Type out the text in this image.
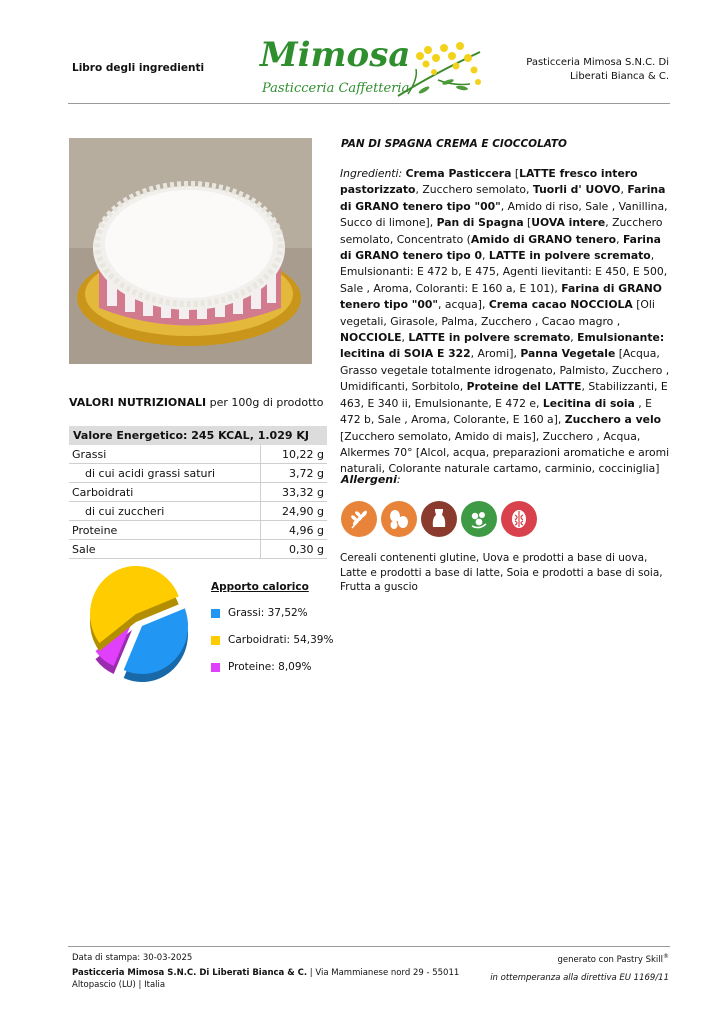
Libro degli ingredienti Mimosa
Pasticceria Caffetteria
Pasticceria Mimosa S.N.C. Di
Liberati Bianca & C.
VALORI NUTRIZIONALI per 100g di prodotto
Valore Energetico: 245 KCAL, 1.029 KJ	
Grassi	10,22 g
di cui acidi grassi saturi	3,72 g
Carboidrati	33,32 g
di cui zuccheri	24,90 g
Proteine	4,96 g
Sale	0,30 g
Apporto calorico
Grassi: 37,52%
Carboidrati: 54,39%
Proteine: 8,09%
PAN DI SPAGNA CREMA E CIOCCOLATO
Ingredienti: Crema Pasticcera [LATTE fresco intero pastorizzato, Zucchero semolato, Tuorli d' UOVO, Farina di GRANO tenero tipo "00", Amido di riso, Sale , Vanillina, Succo di limone], Pan di Spagna [UOVA intere, Zucchero semolato, Concentrato (Amido di GRANO tenero, Farina di GRANO tenero tipo 0, LATTE in polvere scremato, Emulsionanti: E 472 b, E 475, Agenti lievitanti: E 450, E 500, Sale , Aroma, Coloranti: E 160 a, E 101), Farina di GRANO tenero tipo "00", acqua], Crema cacao NOCCIOLA [Oli vegetali, Girasole, Palma, Zucchero , Cacao magro , NOCCIOLE, LATTE in polvere scremato, Emulsionante: lecitina di SOIA E 322, Aromi], Panna Vegetale [Acqua, Grasso vegetale totalmente idrogenato, Palmisto, Zucchero , Umidificanti, Sorbitolo, Proteine del LATTE, Stabilizzanti, E 463, E 340 ii, Emulsionante, E 472 e, Lecitina di soia , E 472 b, Sale , Aroma, Colorante, E 160 a], Zucchero a velo [Zucchero semolato, Amido di mais], Zucchero , Acqua, Alkermes 70° [Alcol, acqua, preparazioni aromatiche e aromi naturali, Colorante naturale cartamo, carminio, cocciniglia]
Allergeni:
Cereali contenenti glutine, Uova e prodotti a base di uova, Latte e prodotti a base di latte, Soia e prodotti a base di soia, Frutta a guscio
Data di stampa: 30-03-2025	generato con Pastry Skill®
Pasticceria Mimosa S.N.C. Di Liberati Bianca & C. | Via Mammianese nord 29 - 55011 Altopascio (LU) | Italia
in ottemperanza alla direttiva EU 1169/11
